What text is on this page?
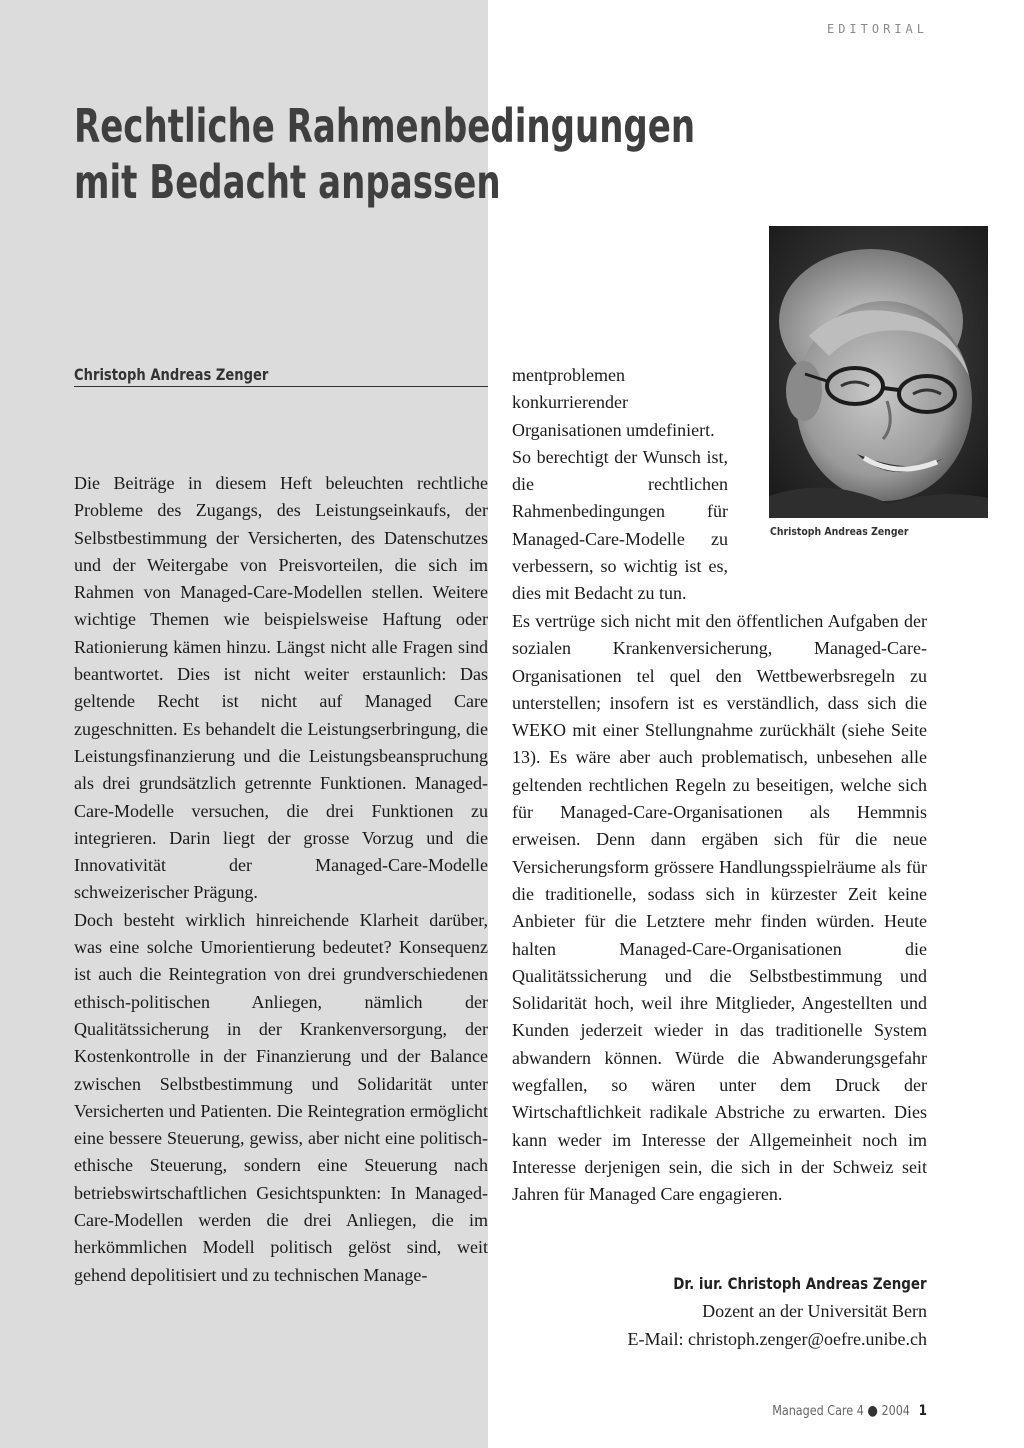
EDITORIAL
Rechtliche Rahmenbedingungen
mit Bedacht anpassen
Christoph Andreas Zenger
Christoph Andreas Zenger

Die Beiträge in diesem Heft beleuchten rechtliche Probleme des Zugangs, des Leistungseinkaufs, der Selbstbestimmung der Versicherten, des Datenschutzes und der Weitergabe von Preisvorteilen, die sich im Rahmen von Managed-Care-Modellen stellen. Weitere wichtige Themen wie beispielsweise Haftung oder Rationierung kämen hinzu. Längst nicht alle Fragen sind beantwortet. Dies ist nicht weiter erstaunlich: Das geltende Recht ist nicht auf Managed Care zugeschnitten. Es behandelt die Leistungserbringung, die Leistungsfinanzierung und die Leistungsbeanspruchung als drei grundsätzlich getrennte Funktionen. Managed-Care-Modelle versuchen, die drei Funktionen zu integrieren. Darin liegt der grosse Vorzug und die Innovativität der Managed-Care-Modelle schweizerischer Prägung.

Doch besteht wirklich hinreichende Klarheit darüber, was eine solche Umorientierung bedeutet? Konsequenz ist auch die Reintegration von drei grundverschiedenen ethisch-politischen Anliegen, nämlich der Qualitätssicherung in der Krankenversorgung, der Kostenkontrolle in der Finanzierung und der Balance zwischen Selbstbestimmung und Solidarität unter Versicherten und Patienten. Die Reintegration ermöglicht eine bessere Steuerung, gewiss, aber nicht eine politisch-ethische Steuerung, sondern eine Steuerung nach betriebswirtschaftlichen Gesichtspunkten: In Managed-Care-Modellen werden die drei Anliegen, die im herkömmlichen Modell politisch gelöst sind, weit gehend depolitisiert und zu technischen Manage-

mentproblemen konkurrierender Organisationen umdefiniert.

So berechtigt der Wunsch ist, die rechtlichen Rahmenbedingungen für Managed-Care-Modelle zu verbessern, so wichtig ist es, dies mit Bedacht zu tun.

Es vertrüge sich nicht mit den öffentlichen Aufgaben der sozialen Krankenversicherung, Managed-Care-Organisationen tel quel den Wettbewerbsregeln zu unterstellen; insofern ist es verständlich, dass sich die WEKO mit einer Stellungnahme zurückhält (siehe Seite 13). Es wäre aber auch problematisch, unbesehen alle geltenden rechtlichen Regeln zu beseitigen, welche sich für Managed-Care-Organisationen als Hemmnis erweisen. Denn dann ergäben sich für die neue Versicherungsform grössere Handlungsspielräume als für die traditionelle, sodass sich in kürzester Zeit keine Anbieter für die Letztere mehr finden würden. Heute halten Managed-Care-Organisationen die Qualitätssicherung und die Selbstbestimmung und Solidarität hoch, weil ihre Mitglieder, Angestellten und Kunden jederzeit wieder in das traditionelle System abwandern können. Würde die Abwanderungsgefahr wegfallen, so wären unter dem Druck der Wirtschaftlichkeit radikale Abstriche zu erwarten. Dies kann weder im Interesse der Allgemeinheit noch im Interesse derjenigen sein, die sich in der Schweiz seit Jahren für Managed Care engagieren.

Dr. iur. Christoph Andreas Zenger
Dozent an der Universität Bern
E-Mail: christoph.zenger@oefre.unibe.ch
Managed Care 4 ● 2004 1
